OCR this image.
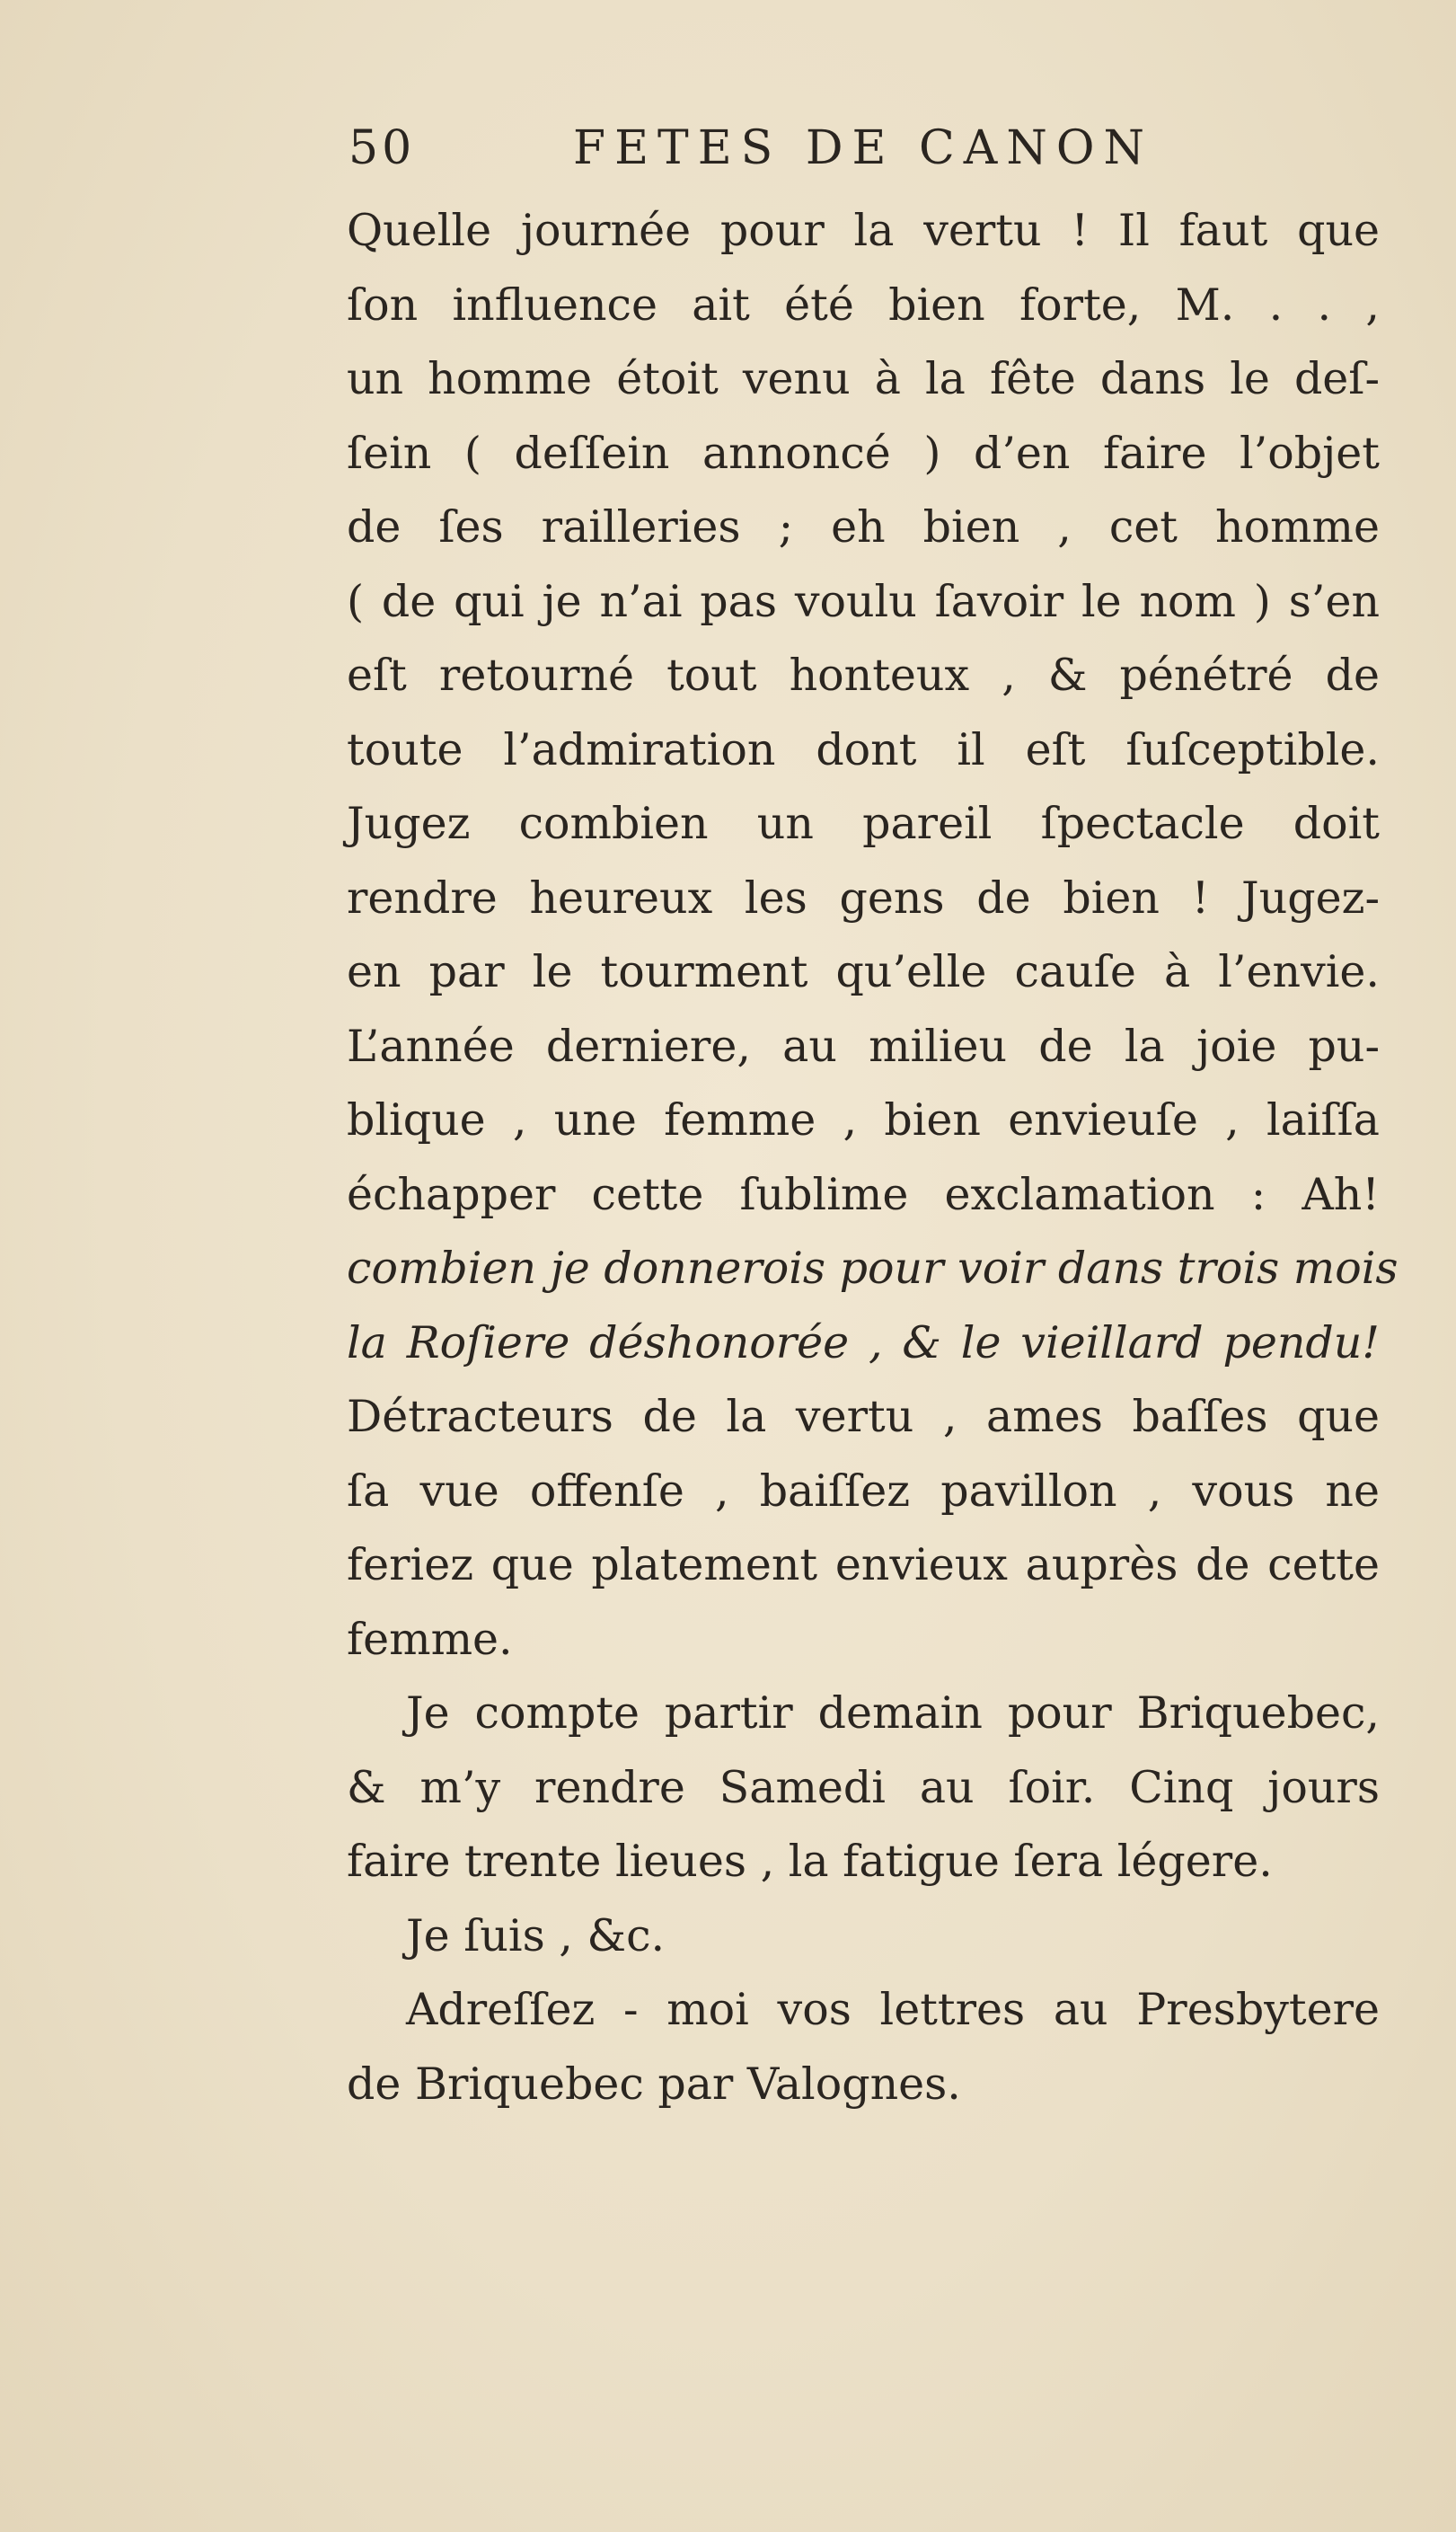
50	FETES DE CANON
Quelle journée pour la vertu ! Il faut que
ſon influence ait été bien forte, M. . . ,
un homme étoit venu à la fête dans le deſ-
ſein ( deſſein annoncé ) d’en faire l’objet
de ſes railleries ; eh bien , cet homme
( de qui je n’ai pas voulu ſavoir le nom ) s’en
eſt retourné tout honteux , & pénétré de
toute l’admiration dont il eſt ſuſceptible.
Jugez combien un pareil ſpectacle doit
rendre heureux les gens de bien ! Jugez-
en par le tourment qu’elle cauſe à l’envie.
L’année derniere, au milieu de la joie pu-
blique , une femme , bien envieuſe , laiſſa
échapper cette ſublime exclamation : Ah!
combien je donnerois pour voir dans trois mois
la Roſiere déshonorée , & le vieillard pendu!
Détracteurs de la vertu , ames baſſes que
ſa vue offenſe , baiſſez pavillon , vous ne
feriez que platement envieux auprès de cette
femme.
Je compte partir demain pour Briquebec,
& m’y rendre Samedi au ſoir. Cinq jours
faire trente lieues , la fatigue ſera légere.
Je ſuis , &c.
Adreſſez - moi vos lettres au Presbytere
de Briquebec par Valognes.
